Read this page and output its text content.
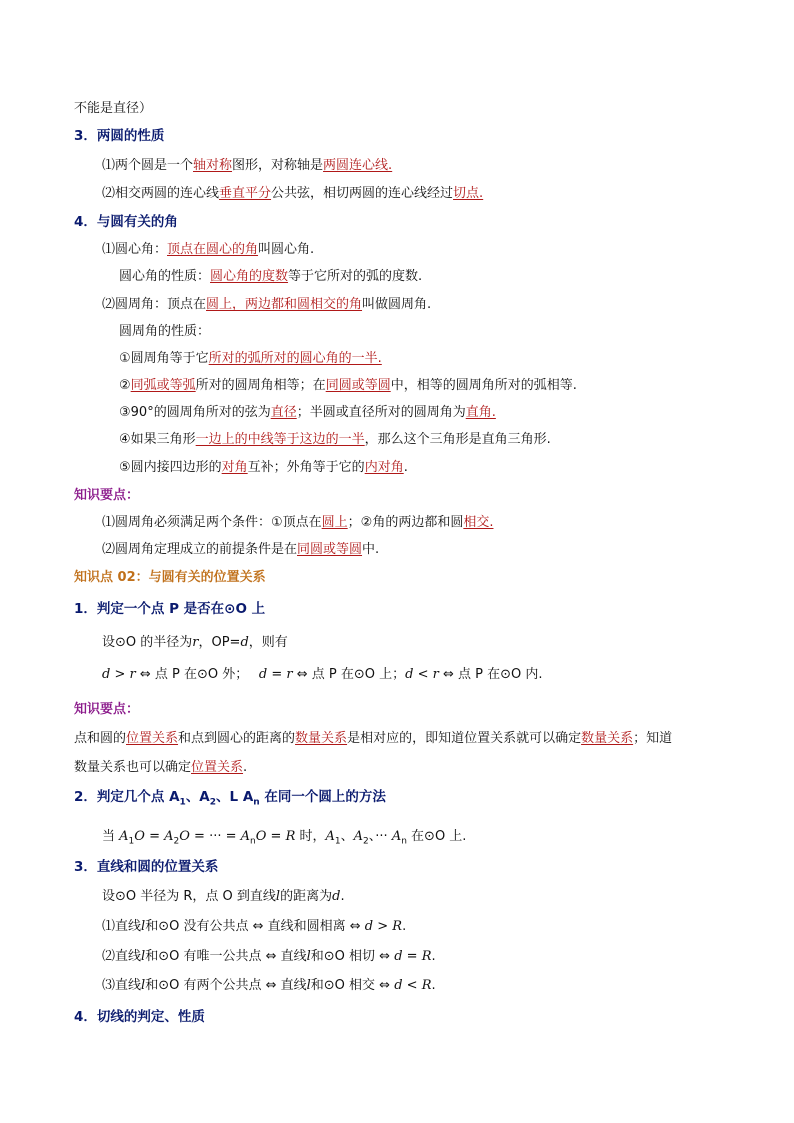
不能是直径）
3．两圆的性质
⑴两个圆是一个轴对称图形，对称轴是两圆连心线.
⑵相交两圆的连心线垂直平分公共弦，相切两圆的连心线经过切点.
4．与圆有关的角
⑴圆心角：顶点在圆心的角叫圆心角.
圆心角的性质：圆心角的度数等于它所对的弧的度数.
⑵圆周角：顶点在圆上，两边都和圆相交的角叫做圆周角.
圆周角的性质：
①圆周角等于它所对的弧所对的圆心角的一半.
②同弧或等弧所对的圆周角相等；在同圆或等圆中，相等的圆周角所对的弧相等.
③90°的圆周角所对的弦为直径；半圆或直径所对的圆周角为直角.
④如果三角形一边上的中线等于这边的一半，那么这个三角形是直角三角形.
⑤圆内接四边形的对角互补；外角等于它的内对角.
知识要点：
⑴圆周角必须满足两个条件：①顶点在圆上；②角的两边都和圆相交.
⑵圆周角定理成立的前提条件是在同圆或等圆中.
知识点 02：与圆有关的位置关系
1．判定一个点 P 是否在⊙O 上
设⊙O 的半径为r，OP=d，则有
d > r ⇔ 点 P 在⊙O 外；　 d = r ⇔ 点 P 在⊙O 上；d < r ⇔ 点 P 在⊙O 内.
知识要点：
点和圆的位置关系和点到圆心的距离的数量关系是相对应的，即知道位置关系就可以确定数量关系；知道
数量关系也可以确定位置关系.
2．判定几个点 $A_1$、$A_2$、L $A_n$ 在同一个圆上的方法
当 $A_1O = A_2O$ = ··· = $A_nO = R$ 时，$A_1$、$A_2$、··· $A_n$ 在⊙O 上.
3．直线和圆的位置关系
设⊙O 半径为 R，点 O 到直线l的距离为d.
⑴直线l和⊙O 没有公共点 ⇔ 直线和圆相离 ⇔ d > R.
⑵直线l和⊙O 有唯一公共点 ⇔ 直线l和⊙O 相切 ⇔ d = R.
⑶直线l和⊙O 有两个公共点 ⇔ 直线l和⊙O 相交 ⇔ d < R.
4．切线的判定、性质
